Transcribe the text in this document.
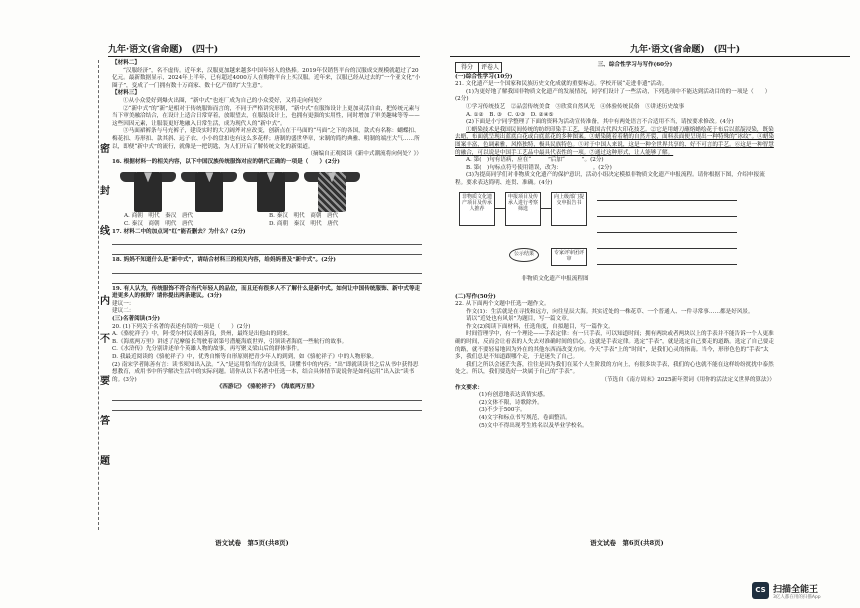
九年·语文(省命题)　(四十)
密
封
线
内
不
要
答
题

【材料二】

“汉服经济”，名不虚传。近年来，汉服更加越来越多中国年轻人的热捧。2019年仅销售平台的汉服成交规模就超过了20亿元。最新数据显示，2024年上半年，已有超过4000万人在购物平台上买汉服。近年来，汉服已经从过去的“一个亚文化”小圈子”，变成了一门拥有数十万商家、数十亿产值的“大生意”。

【材料三】

①从小众爱好到爆火出圈，“新中式”也连厂成为自己的小众爱好，又将走向何处？

②“新中式”的“新”是相对于传统服饰而言的，不同于严格讲究形制，“新中式”在服饰设计上更加灵活自由，把传统元素与当下审美融洽结合，在设计上适合日常穿着，放眼望去，在服装设计上，也拥有更强的实用性，同时增加了审美趣味等等——这些因因元素，让服装更好地融入日常生活，成为现代人的“新中式”。

③马面裙裤条与马充裤子，建设实时的大刀阔斧对应改变，创新点在于马面的“马面”之下的各国，款式有名称：蝴蝶扣、梅花扣、寿形扣、款其斜、远子衣、小小的盘扣也有这么多花样；唐制的盛世华章，宋制的简约典雅、明制的端庄大气……所以，即便“新中式”的流行，就像是一把钥匙，为人们开启了解传统文化的新渠道。

（摘编自正观阅读《新中式潮流将向何处？》）

16. 根据材料一的相关内容，以下中国汉族传统服饰对应的朝代正确的一项是（　　）(2分)

A. 商朝　明代　秦汉　唐代	B. 秦汉　明代　商朝　唐代

C. 秦汉　商朝　明代　唐代	D. 商朝　秦汉　明代　唐代

17. 材料二中的加点词“红”能否删去？为什么？(2分)

18. 妈妈不知道什么是“新中式”，请结合材料三的相关内容，给妈妈普及“新中式”。(2分)

19. 有人认为，传统服饰不符合当代年轻人的品位，而且还有很多人不了解什么是新中式。如何让中国传统服饰、新中式等走进更多人的视野？请你提出两条建议。(3分)

建议一：

建议二：

(三)名著阅读(5分)

20. (1)下列关于名著的表述有误的一项是（　　）(2分)

A.《骆驼祥子》中，阿·爱尔村民表姐善良，贵州，最终是出他由的到来。

B.《海底两万里》讲述了尼摩船长驾驶着诺第号潜艇海底世界，引领读者海底一些航行的故事。

C.《水浒传》先分别讲述单个英雄人物的故事，再写聚义梁山后的群体事件。

D. 我最近阅读的《骆驼祥子》中，优秀自惭等自形原则把青少年人的到到，如《骆驼祥子》中的人物形象。

(2) 南宋学者陈善有言：读书须知出入法。“入”是运用恰当的方法读书，读懂书中的内容；“出”即就读读书之后从书中获得思想教育，成用书中所学解决生活中的实际问题。请你从以下名著中任选一本，结合具体情节说说你是如何运用“出入法”读书的。(3分)

《西游记》　《骆驼祥子》　《海底两万里》

语文试卷　第5页(共8页)
九年·语文(省命题)　(四十)
语文试卷　第6页(共8页)
得分	评卷人	三、综合性学习与写作(60分)

(一)综合性学习(10分)

21. 文化遗产是一个国家和民族历史文化成就的重要标志。学校开展“走进非遗”活动。

(1)为更好地了解我国非物质文化遗产的发展情况，同学们设计了一些活动，下列选项中不能达到活动目的的一项是（　　）(2分)

①学习传统技艺　②品尝传统美食　③欣赏自然风光　④体验传统民俗　⑤讲述历史故事

A. ①②　B. ③　C. ①③　D. ②④⑤

(2)下面是小宁同学整理了下面的资料为活动宣传准备，其中有两处语言不合适用不当，请按要求修改。(4分)

①蜡染技术是我国民间传统的纺织印染手工艺，是我国古代四大印花技艺。②它是用蜡刀蘸熔蜡绘花于布后以蓝靛浸染，既染去蜡，布面就呈现出蓝底白花或白底蓝花的多种图案。③蜡染随着着精的自然开裂，面料表面便呈现出一种特殊的“冰纹”。④蜡染图案丰富，色调素雅，风格独特，极具民族特色。⑤对于中国人来说，这是一种全世界共享的、好不可言的手艺。⑥这是一种智慧的融合，可以说是中国手工艺品中最具代表性的一项。⑦通过这种形式，让人能够了解。

A. 第(　)句有语病，应在“　　　”后加“　　　”。(2分)

B. 第(　)句标点符号使用错误，改为：　　　　　　。(2分)

(3)为提高同学们对非物质文化遗产的保护意识，活动小组决定模拟非物质文化遗产申报流程。请你根据下图，介绍申报流程。要求表达简明、连贯、准确。(4分)

非物质文化遗产项目及传承人推荐
申报项目及传承人进行考察筛选
向上级部门提交申报告书
专家评审团评审
公示结果

非物质文化遗产申报流程图

(二)写作(50分)

22. 从下面两个文题中任选一题作文。

作文(1)：生活就是在寻找和远方，向往星辰大海。其实近处的一株花草、一个普通人、一件寻常事……都是好风景。

请以“近处也有风景”为题目，写一篇文章。

作文(2)阅读下面材料，任选角度，自拟题目，写一篇作文。

时间管理学中，有一个理论——手表定律：有一只手表，可以知道时间；拥有两块或者两块以上的手表并不能告诉一个人更准确的时间，反而会让看表的人失去对准确时间的信心。这就是手表定律。选定“手表”，就是选定自己要走的道路。选定了自己要走的路，就不要轻易地因为外在的其他东西而改变方向。今天“手表”上的“时间”，是我们心灵的指南。当今，形形色色的“手表”太多，我们总是不知道跟哪个走，于是迷失了自己。

我们之所以会迷茫失落，往往是因为我们在某个人生阶段的方向上，有很多块手表，我们的心也就不能在这样纷纷扰扰中泰然处之。所以，我们要选好一块属于自己的“手表”。

（节选自《南方周末》2025新年贺词《用你的活法定义世界的算法》）

作文要求：

(1)有创意地表达真情实感。

(2)文体不限，诗歌除外。

(3)不少于500字。

(4)文字和标点书写规范，卷面整洁。

(5)文中不得出现考生姓名以及毕业学校名。

CS 扫描全能王
3亿人都在用的扫描App
